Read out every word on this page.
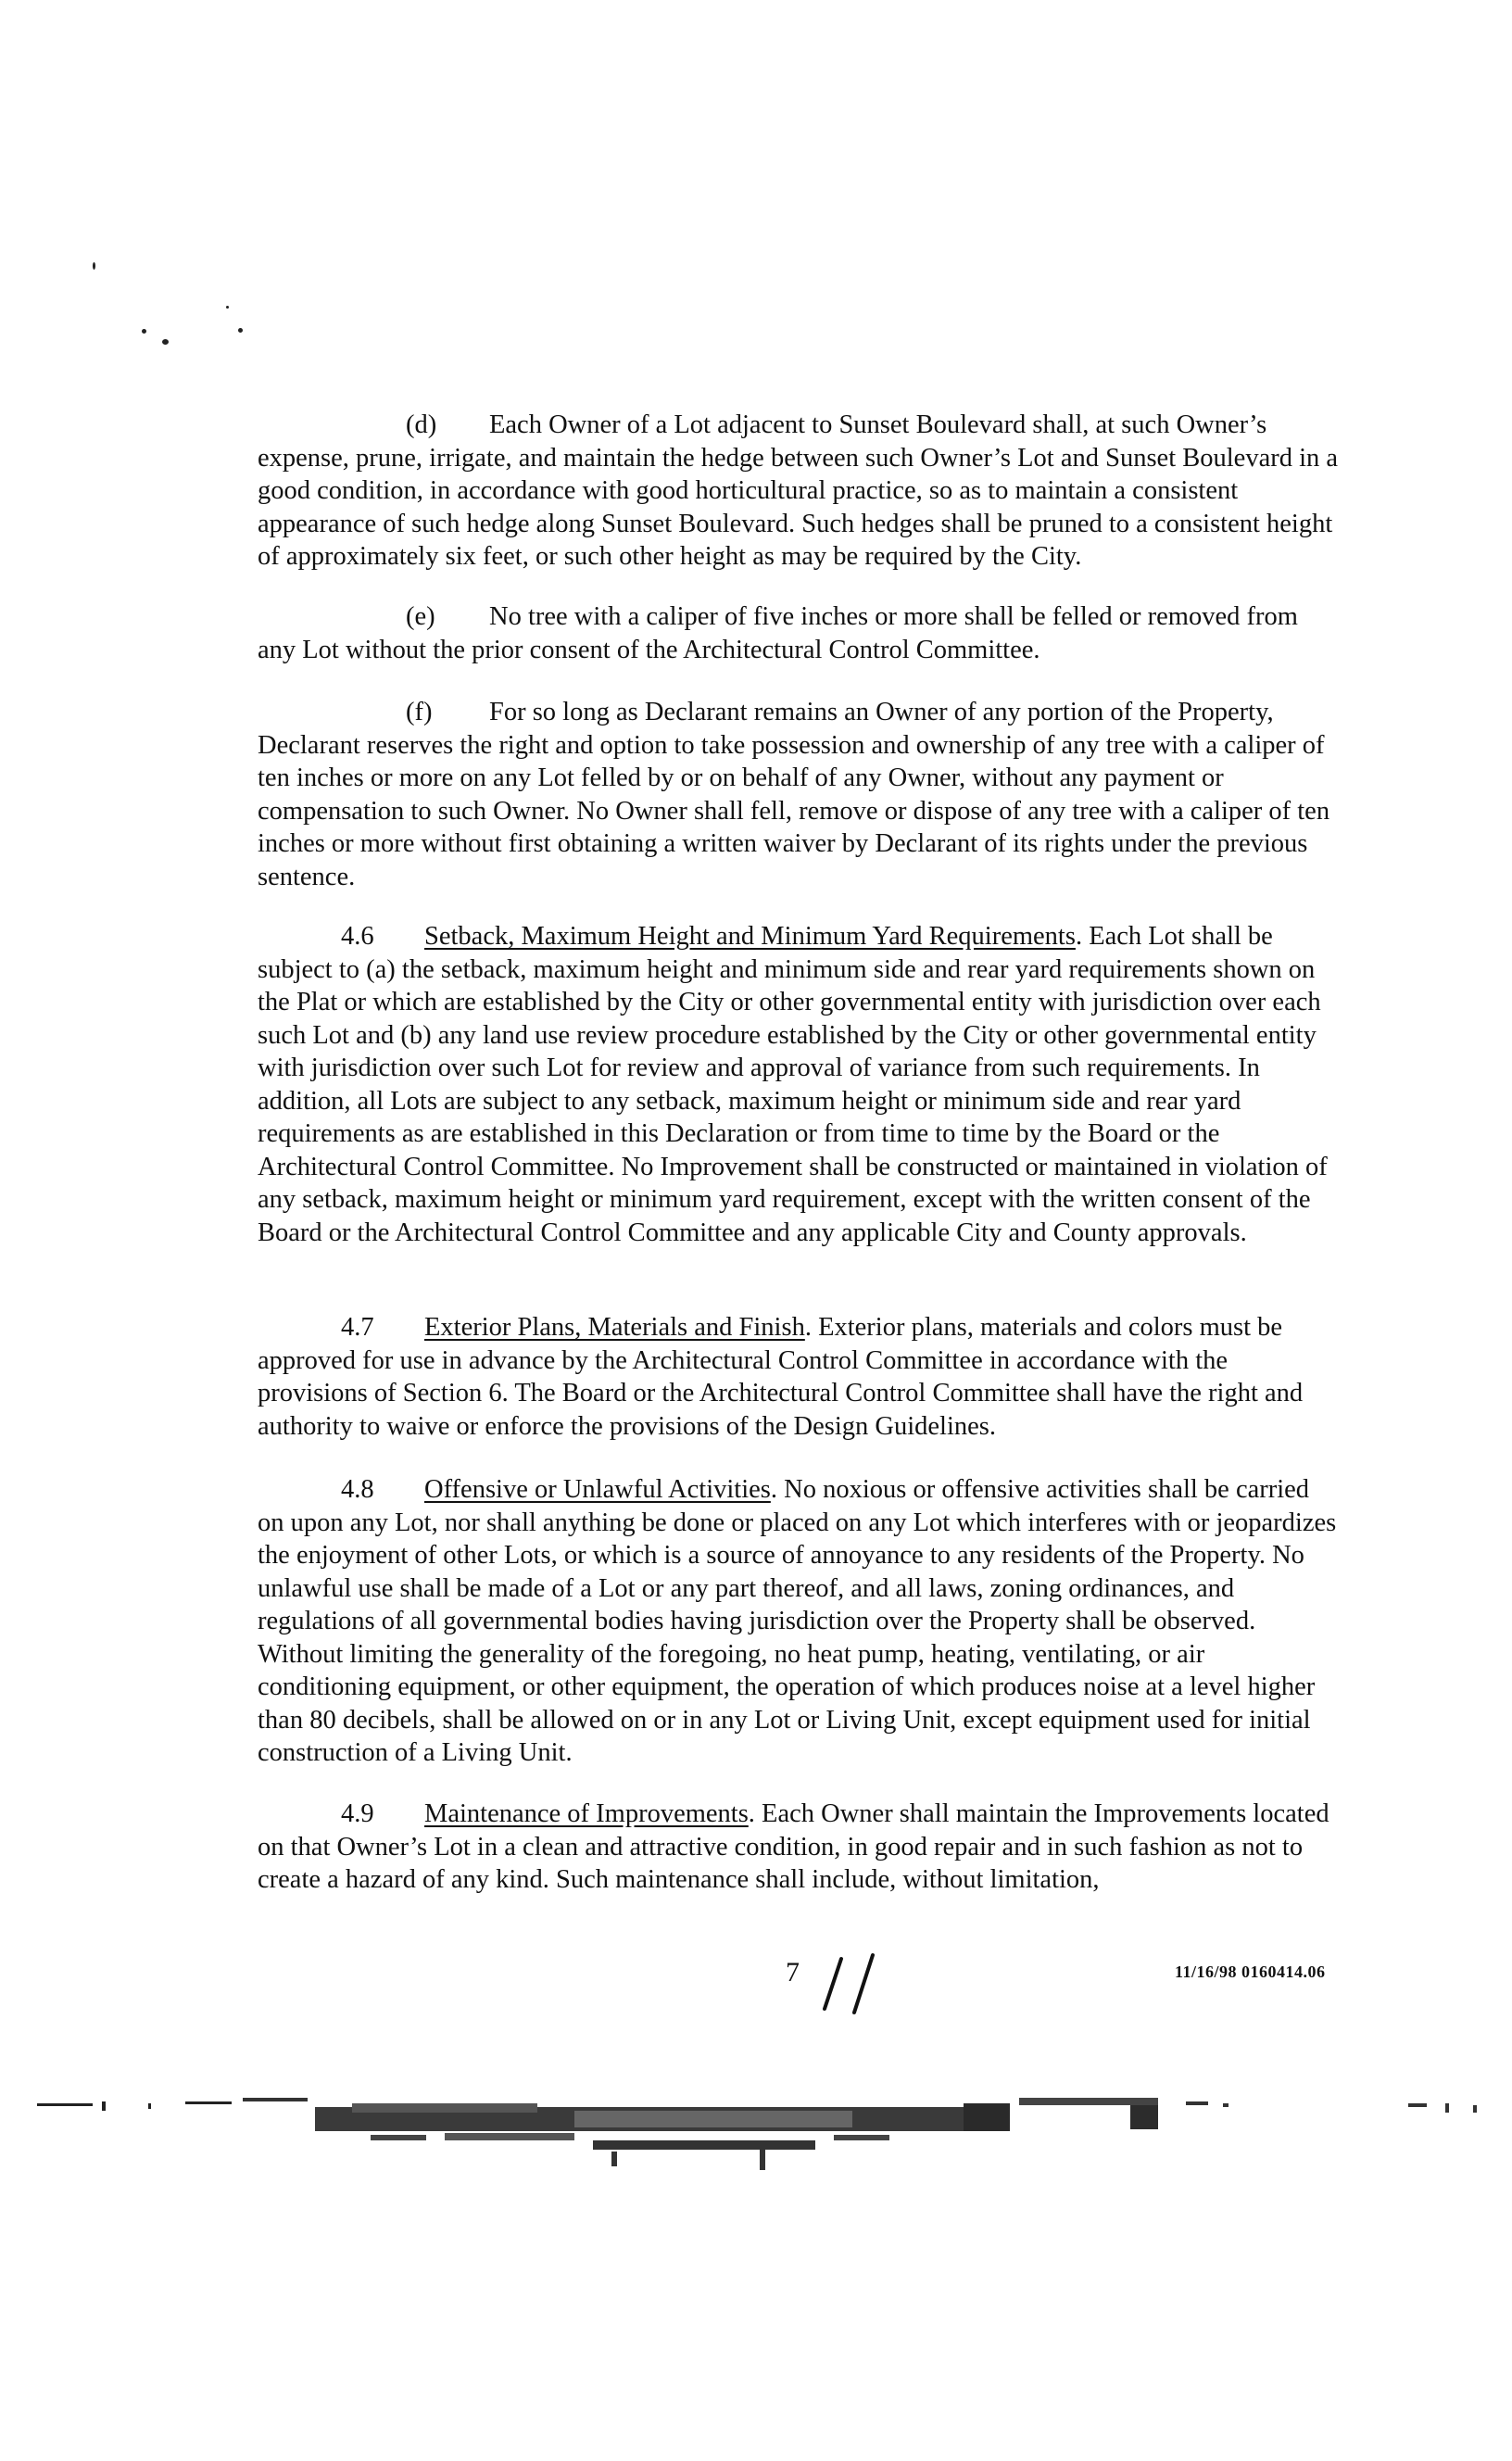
(d) Each Owner of a Lot adjacent to Sunset Boulevard shall, at such Owner’s expense, prune, irrigate, and maintain the hedge between such Owner’s Lot and Sunset Boulevard in a good condition, in accordance with good horticultural practice, so as to maintain a consistent appearance of such hedge along Sunset Boulevard. Such hedges shall be pruned to a consistent height of approximately six feet, or such other height as may be required by the City.

(e) No tree with a caliper of five inches or more shall be felled or removed from any Lot without the prior consent of the Architectural Control Committee.

(f) For so long as Declarant remains an Owner of any portion of the Property, Declarant reserves the right and option to take possession and ownership of any tree with a caliper of ten inches or more on any Lot felled by or on behalf of any Owner, without any payment or compensation to such Owner. No Owner shall fell, remove or dispose of any tree with a caliper of ten inches or more without first obtaining a written waiver by Declarant of its rights under the previous sentence.

4.6 Setback, Maximum Height and Minimum Yard Requirements. Each Lot shall be subject to (a) the setback, maximum height and minimum side and rear yard requirements shown on the Plat or which are established by the City or other governmental entity with jurisdiction over each such Lot and (b) any land use review procedure established by the City or other governmental entity with jurisdiction over such Lot for review and approval of variance from such requirements. In addition, all Lots are subject to any setback, maximum height or minimum side and rear yard requirements as are established in this Declaration or from time to time by the Board or the Architectural Control Committee. No Improvement shall be constructed or maintained in violation of any setback, maximum height or minimum yard requirement, except with the written consent of the Board or the Architectural Control Committee and any applicable City and County approvals.

4.7 Exterior Plans, Materials and Finish. Exterior plans, materials and colors must be approved for use in advance by the Architectural Control Committee in accordance with the provisions of Section 6. The Board or the Architectural Control Committee shall have the right and authority to waive or enforce the provisions of the Design Guidelines.

4.8 Offensive or Unlawful Activities. No noxious or offensive activities shall be carried on upon any Lot, nor shall anything be done or placed on any Lot which interferes with or jeopardizes the enjoyment of other Lots, or which is a source of annoyance to any residents of the Property. No unlawful use shall be made of a Lot or any part thereof, and all laws, zoning ordinances, and regulations of all governmental bodies having jurisdiction over the Property shall be observed. Without limiting the generality of the foregoing, no heat pump, heating, ventilating, or air conditioning equipment, or other equipment, the operation of which produces noise at a level higher than 80 decibels, shall be allowed on or in any Lot or Living Unit, except equipment used for initial construction of a Living Unit.

4.9 Maintenance of Improvements. Each Owner shall maintain the Improvements located on that Owner’s Lot in a clean and attractive condition, in good repair and in such fashion as not to create a hazard of any kind. Such maintenance shall include, without limitation,

7	11/16/98 0160414.06
